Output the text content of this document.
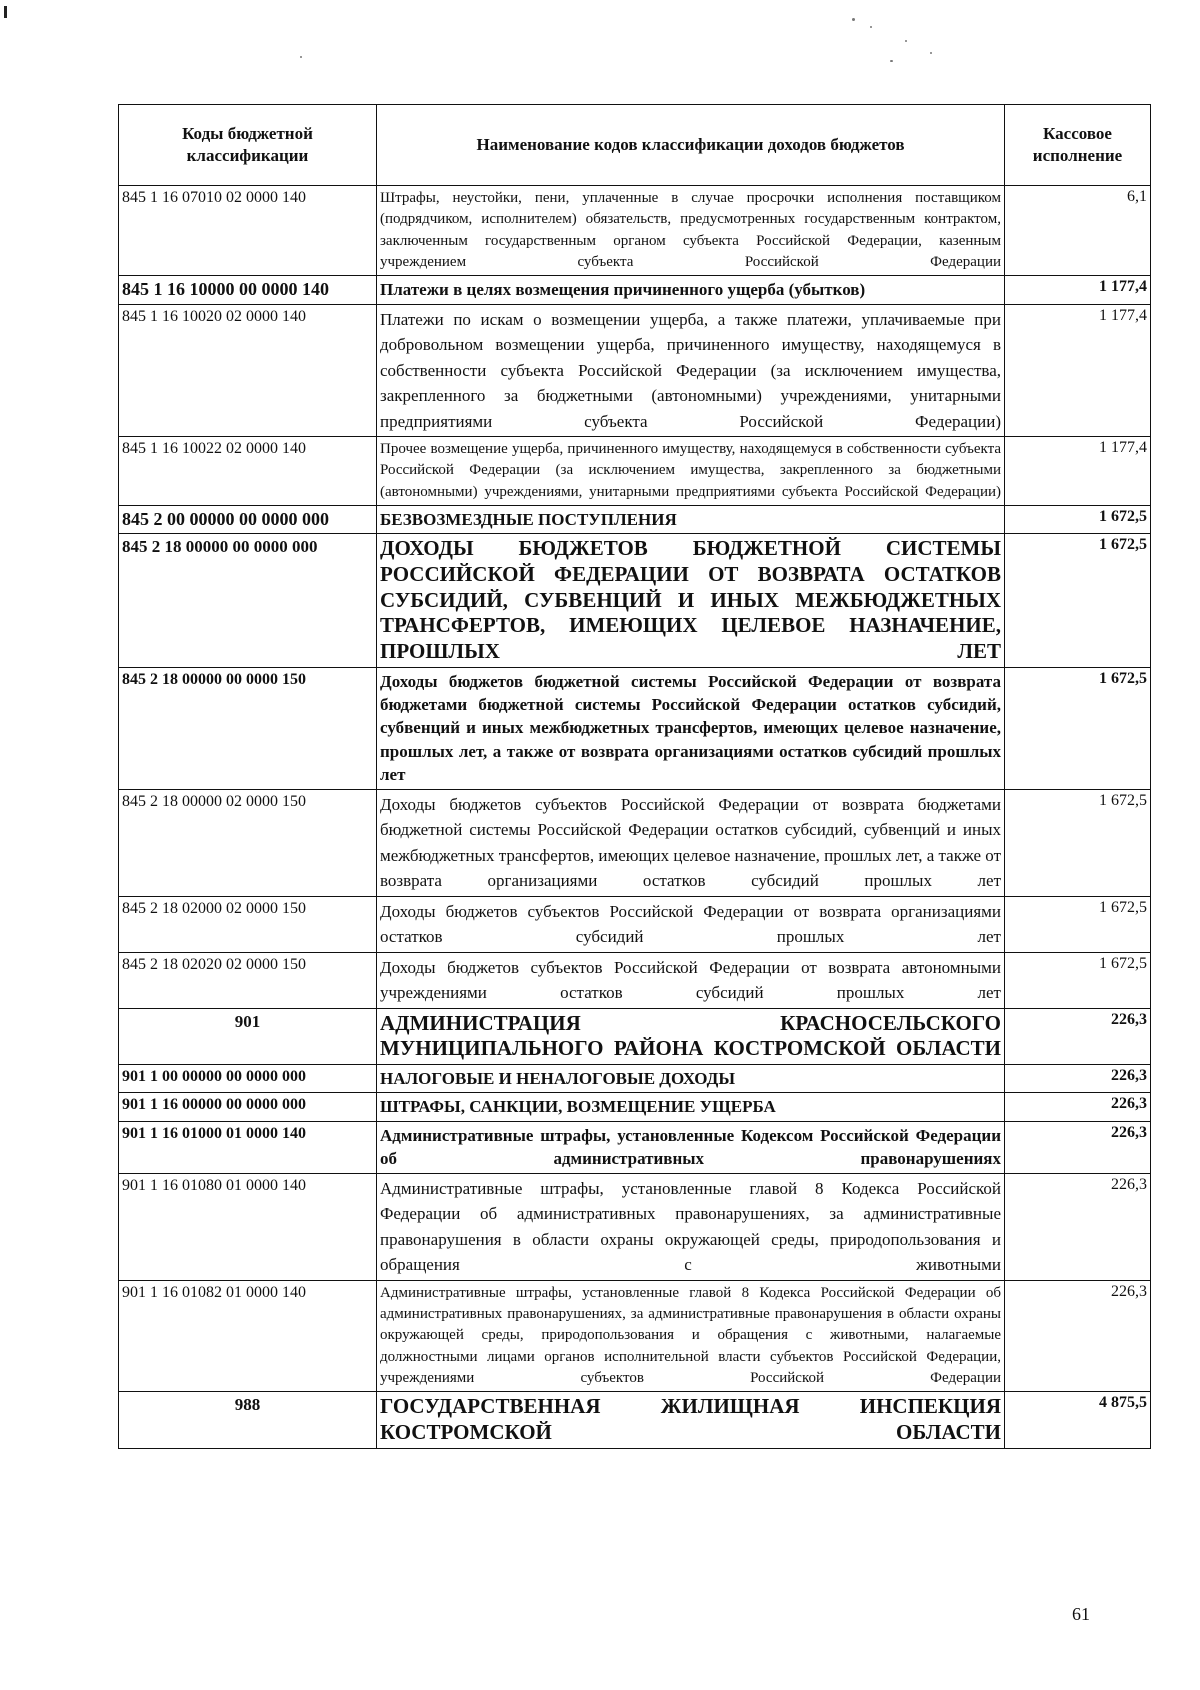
Коды бюджетной классификации	Наименование кодов классификации доходов бюджетов	Кассовое исполнение
845 1 16 07010 02 0000 140	Штрафы, неустойки, пени, уплаченные в случае просрочки исполнения поставщиком (подрядчиком, исполнителем) обязательств, предусмотренных государственным контрактом, заключенным государственным органом субъекта Российской Федерации, казенным учреждением субъекта Российской Федерации	6,1
845 1 16 10000 00 0000 140	Платежи в целях возмещения причиненного ущерба (убытков)	1 177,4
845 1 16 10020 02 0000 140	Платежи по искам о возмещении ущерба, а также платежи, уплачиваемые при добровольном возмещении ущерба, причиненного имуществу, находящемуся в собственности субъекта Российской Федерации (за исключением имущества, закрепленного за бюджетными (автономными) учреждениями, унитарными предприятиями субъекта Российской Федерации)	1 177,4
845 1 16 10022 02 0000 140	Прочее возмещение ущерба, причиненного имуществу, находящемуся в собственности субъекта Российской Федерации (за исключением имущества, закрепленного за бюджетными (автономными) учреждениями, унитарными предприятиями субъекта Российской Федерации)	1 177,4
845 2 00 00000 00 0000 000	БЕЗВОЗМЕЗДНЫЕ ПОСТУПЛЕНИЯ	1 672,5
845 2 18 00000 00 0000 000	ДОХОДЫ БЮДЖЕТОВ БЮДЖЕТНОЙ СИСТЕМЫ РОССИЙСКОЙ ФЕДЕРАЦИИ ОТ ВОЗВРАТА ОСТАТКОВ СУБСИДИЙ, СУБВЕНЦИЙ И ИНЫХ МЕЖБЮДЖЕТНЫХ ТРАНСФЕРТОВ, ИМЕЮЩИХ ЦЕЛЕВОЕ НАЗНАЧЕНИЕ, ПРОШЛЫХ ЛЕТ	1 672,5
845 2 18 00000 00 0000 150	Доходы бюджетов бюджетной системы Российской Федерации от возврата бюджетами бюджетной системы Российской Федерации остатков субсидий, субвенций и иных межбюджетных трансфертов, имеющих целевое назначение, прошлых лет, а также от возврата организациями остатков субсидий прошлых лет	1 672,5
845 2 18 00000 02 0000 150	Доходы бюджетов субъектов Российской Федерации от возврата бюджетами бюджетной системы Российской Федерации остатков субсидий, субвенций и иных межбюджетных трансфертов, имеющих целевое назначение, прошлых лет, а также от возврата организациями остатков субсидий прошлых лет	1 672,5
845 2 18 02000 02 0000 150	Доходы бюджетов субъектов Российской Федерации от возврата организациями остатков субсидий прошлых лет	1 672,5
845 2 18 02020 02 0000 150	Доходы бюджетов субъектов Российской Федерации от возврата автономными учреждениями остатков субсидий прошлых лет	1 672,5
901	АДМИНИСТРАЦИЯ КРАСНОСЕЛЬСКОГО МУНИЦИПАЛЬНОГО РАЙОНА КОСТРОМСКОЙ ОБЛАСТИ	226,3
901 1 00 00000 00 0000 000	НАЛОГОВЫЕ И НЕНАЛОГОВЫЕ ДОХОДЫ	226,3
901 1 16 00000 00 0000 000	ШТРАФЫ, САНКЦИИ, ВОЗМЕЩЕНИЕ УЩЕРБА	226,3
901 1 16 01000 01 0000 140	Административные штрафы, установленные Кодексом Российской Федерации об административных правонарушениях	226,3
901 1 16 01080 01 0000 140	Административные штрафы, установленные главой 8 Кодекса Российской Федерации об административных правонарушениях, за административные правонарушения в области охраны окружающей среды, природопользования и обращения с животными	226,3
901 1 16 01082 01 0000 140	Административные штрафы, установленные главой 8 Кодекса Российской Федерации об административных правонарушениях, за административные правонарушения в области охраны окружающей среды, природопользования и обращения с животными, налагаемые должностными лицами органов исполнительной власти субъектов Российской Федерации, учреждениями субъектов Российской Федерации	226,3
988	ГОСУДАРСТВЕННАЯ ЖИЛИЩНАЯ ИНСПЕКЦИЯ КОСТРОМСКОЙ ОБЛАСТИ	4 875,5
61
